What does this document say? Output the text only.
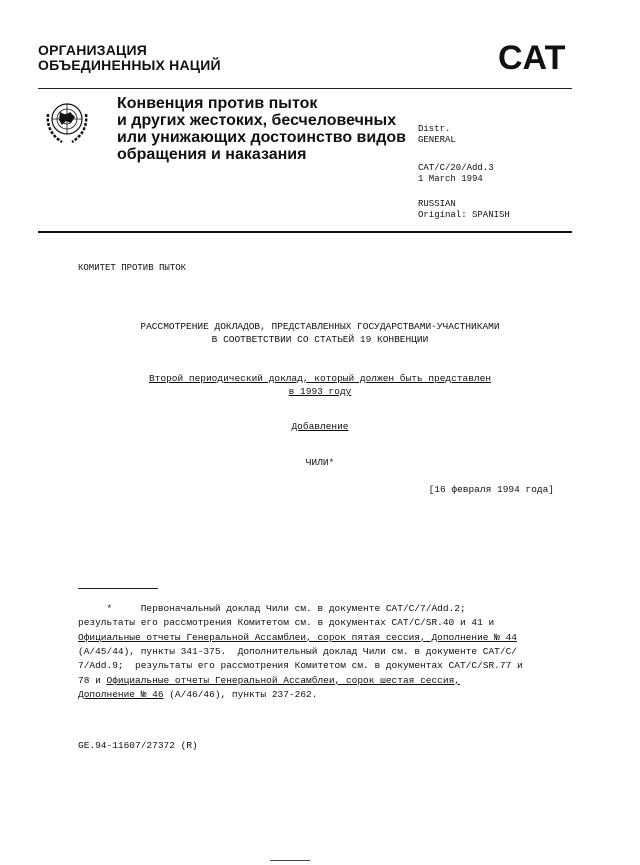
ОРГАНИЗАЦИЯ
ОБЪЕДИНЕННЫХ НАЦИЙ	CAT
Конвенция против пыток
и других жестоких, бесчеловечных
или унижающих достоинство видов
обращения и наказания
Distr.
GENERAL
CAT/C/20/Add.3
1 March 1994
RUSSIAN
Original: SPANISH
КОМИТЕТ ПРОТИВ ПЫТОК
РАССМОТРЕНИЕ ДОКЛАДОВ, ПРЕДСТАВЛЕННЫХ ГОСУДАРСТВАМИ-УЧАСТНИКАМИ
В СООТВЕТСТВИИ СО СТАТЬЕЙ 19 КОНВЕНЦИИ
Второй периодический доклад, который должен быть представлен
в 1993 году
Добавление
ЧИЛИ*
[16 февраля 1994 года]
*     Первоначальный доклад Чили см. в документе CAT/C/7/Add.2;
результаты его рассмотрения Комитетом см. в документах CAT/C/SR.40 и 41 и
Официальные отчеты Генеральной Ассамблеи, сорок пятая сессия, Дополнение № 44
(A/45/44), пункты 341-375.  Дополнительный доклад Чили см. в документе CAT/C/
7/Add.9;  результаты его рассмотрения Комитетом см. в документах CAT/C/SR.77 и
78 и Официальные отчеты Генеральной Ассамблеи, сорок шестая сессия,
Дополнение № 46 (A/46/46), пункты 237-262.
GE.94-11607/27372 (R)
